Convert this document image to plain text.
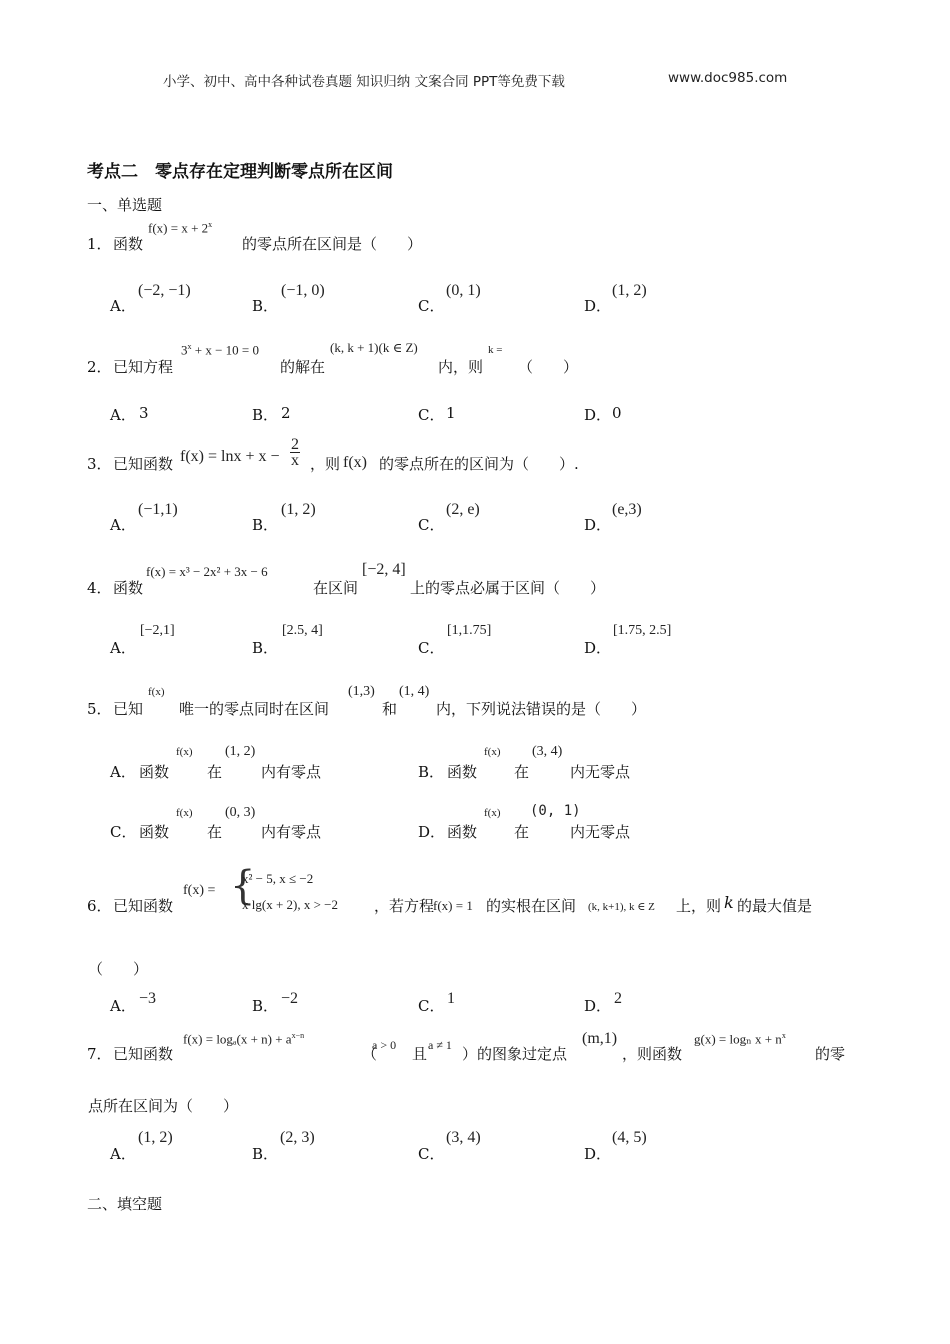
小学、初中、高中各种试卷真题 知识归纳 文案合同 PPT等免费下载	www.doc985.com
考点二　零点存在定理判断零点所在区间
一、单选题
1． 函数
$f(x) = x + 2^x$
的零点所在区间是（　　）
A．
(−2, −1)
B．
(−1, 0)
C．
(0, 1)
D．
(1, 2)
2． 已知方程
$3^x + x - 10 = 0$
的解在
(k, k + 1)(k ∈ Z)
内，则
k =
（　　）
A． 3	B． 2	C． 1	D． 0
3． 已知函数 $f(x) = \ln x + x - \frac{2}{x}$ ，则 f(x) 的零点所在的区间为（　　）.
A．
(−1,1)
B．
(1, 2)
C．
(2, e)
D．
(e,3)
4． 函数
f(x) = x³ − 2x² + 3x − 6
在区间
[−2, 4]
上的零点必属于区间（　　）
A．
[−2,1]
B．
[2.5, 4]
C．
[1,1.75]
D．
[1.75, 2.5]
5． 已知
f(x)
唯一的零点同时在区间
(1,3)
和
(1, 4)
内，下列说法错误的是（　　）
A． 函数
f(x)
在
(1, 2)
内有零点	B． 函数
f(x)
在
(3, 4)
内无零点
C． 函数
f(x)
在
(0, 3)
内有零点	D． 函数
f(x)
在
(0, 1)
内无零点
6． 已知函数
f(x) = {
x² − 5, x ≤ −2
x lg(x + 2), x > −2 ，若方程
f(x) = 1 的实根在区间 (k, k+1), k ∈ Z 上，则 k 的最大值是
（　　）
A． −3	B． −2	C． 1	D． 2
7． 已知函数
$f(x) = \log_a(x + n) + a^{x-n}$
（
a > 0 且 a ≠ 1 ）的图象过定点
(m,1)
，则函数
g(x) = logₙ $x + n^x$
的零
点所在区间为（　　）
A．
(1, 2)
B．
(2, 3)
C．
(3, 4)
D．
(4, 5)
二、填空题
